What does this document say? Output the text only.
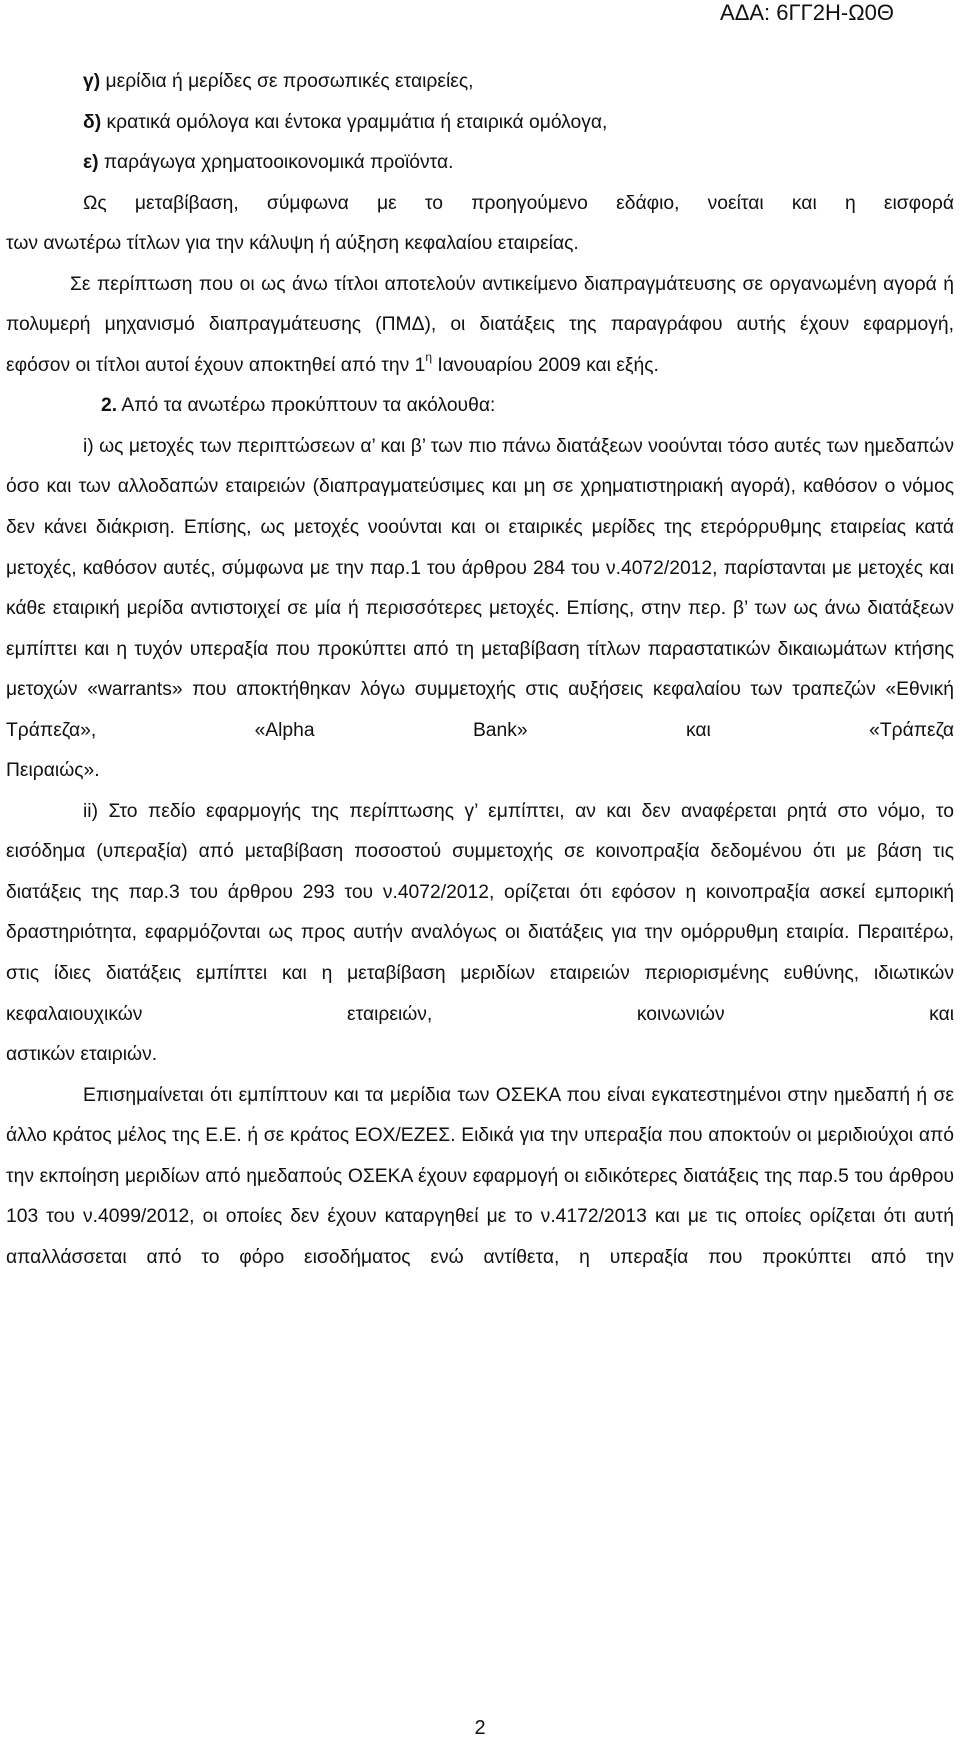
ΑΔΑ: 6ΓΓ2Η-Ω0Θ

γ) μερίδια ή μερίδες σε προσωπικές εταιρείες,

δ) κρατικά ομόλογα και έντοκα γραμμάτια ή εταιρικά ομόλογα,

ε) παράγωγα χρηματοοικονομικά προϊόντα.

Ως μεταβίβαση, σύμφωνα με το προηγούμενο εδάφιο, νοείται και η εισφορά

των ανωτέρω τίτλων για την κάλυψη ή αύξηση κεφαλαίου εταιρείας.

Σε περίπτωση που οι ως άνω τίτλοι αποτελούν αντικείμενο διαπραγμάτευσης σε οργανωμένη αγορά ή πολυμερή μηχανισμό διαπραγμάτευσης (ΠΜΔ), οι διατάξεις της παραγράφου αυτής έχουν εφαρμογή,

εφόσον οι τίτλοι αυτοί έχουν αποκτηθεί από την $1^\eta$ Ιανουαρίου 2009 και εξής.

2. Από τα ανωτέρω προκύπτουν τα ακόλουθα:

i) ως μετοχές των περιπτώσεων α’ και β’ των πιο πάνω διατάξεων νοούνται τόσο αυτές των ημεδαπών όσο και των αλλοδαπών εταιρειών (διαπραγματεύσιμες και μη σε χρηματιστηριακή αγορά), καθόσον ο νόμος δεν κάνει διάκριση. Επίσης, ως μετοχές νοούνται και οι εταιρικές μερίδες της ετερόρρυθμης εταιρείας κατά μετοχές, καθόσον αυτές, σύμφωνα με την παρ.1 του άρθρου 284 του ν.4072/2012, παρίστανται με μετοχές και κάθε εταιρική μερίδα αντιστοιχεί σε μία ή περισσότερες μετοχές. Επίσης, στην περ. β’ των ως άνω διατάξεων εμπίπτει και η τυχόν υπεραξία που προκύπτει από τη μεταβίβαση τίτλων παραστατικών δικαιωμάτων κτήσης μετοχών «warrants» που αποκτήθηκαν λόγω συμμετοχής στις αυξήσεις κεφαλαίου των τραπεζών «Εθνική Τράπεζα», «Alpha Bank» και «Τράπεζα

Πειραιώς».

ii) Στο πεδίο εφαρμογής της περίπτωσης γ’ εμπίπτει, αν και δεν αναφέρεται ρητά στο νόμο, το εισόδημα (υπεραξία) από μεταβίβαση ποσοστού συμμετοχής σε κοινοπραξία δεδομένου ότι με βάση τις διατάξεις της παρ.3 του άρθρου 293 του ν.4072/2012, ορίζεται ότι εφόσον η κοινοπραξία ασκεί εμπορική δραστηριότητα, εφαρμόζονται ως προς αυτήν αναλόγως οι διατάξεις για την ομόρρυθμη εταιρία. Περαιτέρω, στις ίδιες διατάξεις εμπίπτει και η μεταβίβαση μεριδίων εταιρειών περιορισμένης ευθύνης, ιδιωτικών κεφαλαιουχικών εταιρειών, κοινωνιών και

αστικών εταιριών.

Επισημαίνεται ότι εμπίπτουν και τα μερίδια των ΟΣΕΚΑ που είναι εγκατεστημένοι στην ημεδαπή ή σε άλλο κράτος μέλος της Ε.Ε. ή σε κράτος ΕΟΧ/ΕΖΕΣ. Ειδικά για την υπεραξία που αποκτούν οι μεριδιούχοι από την εκποίηση μεριδίων από ημεδαπούς ΟΣΕΚΑ έχουν εφαρμογή οι ειδικότερες διατάξεις της παρ.5 του άρθρου 103 του ν.4099/2012, οι οποίες δεν έχουν καταργηθεί με το ν.4172/2013 και με τις οποίες ορίζεται ότι αυτή απαλλάσσεται από το φόρο εισοδήματος ενώ αντίθετα, η υπεραξία που προκύπτει από την

2
